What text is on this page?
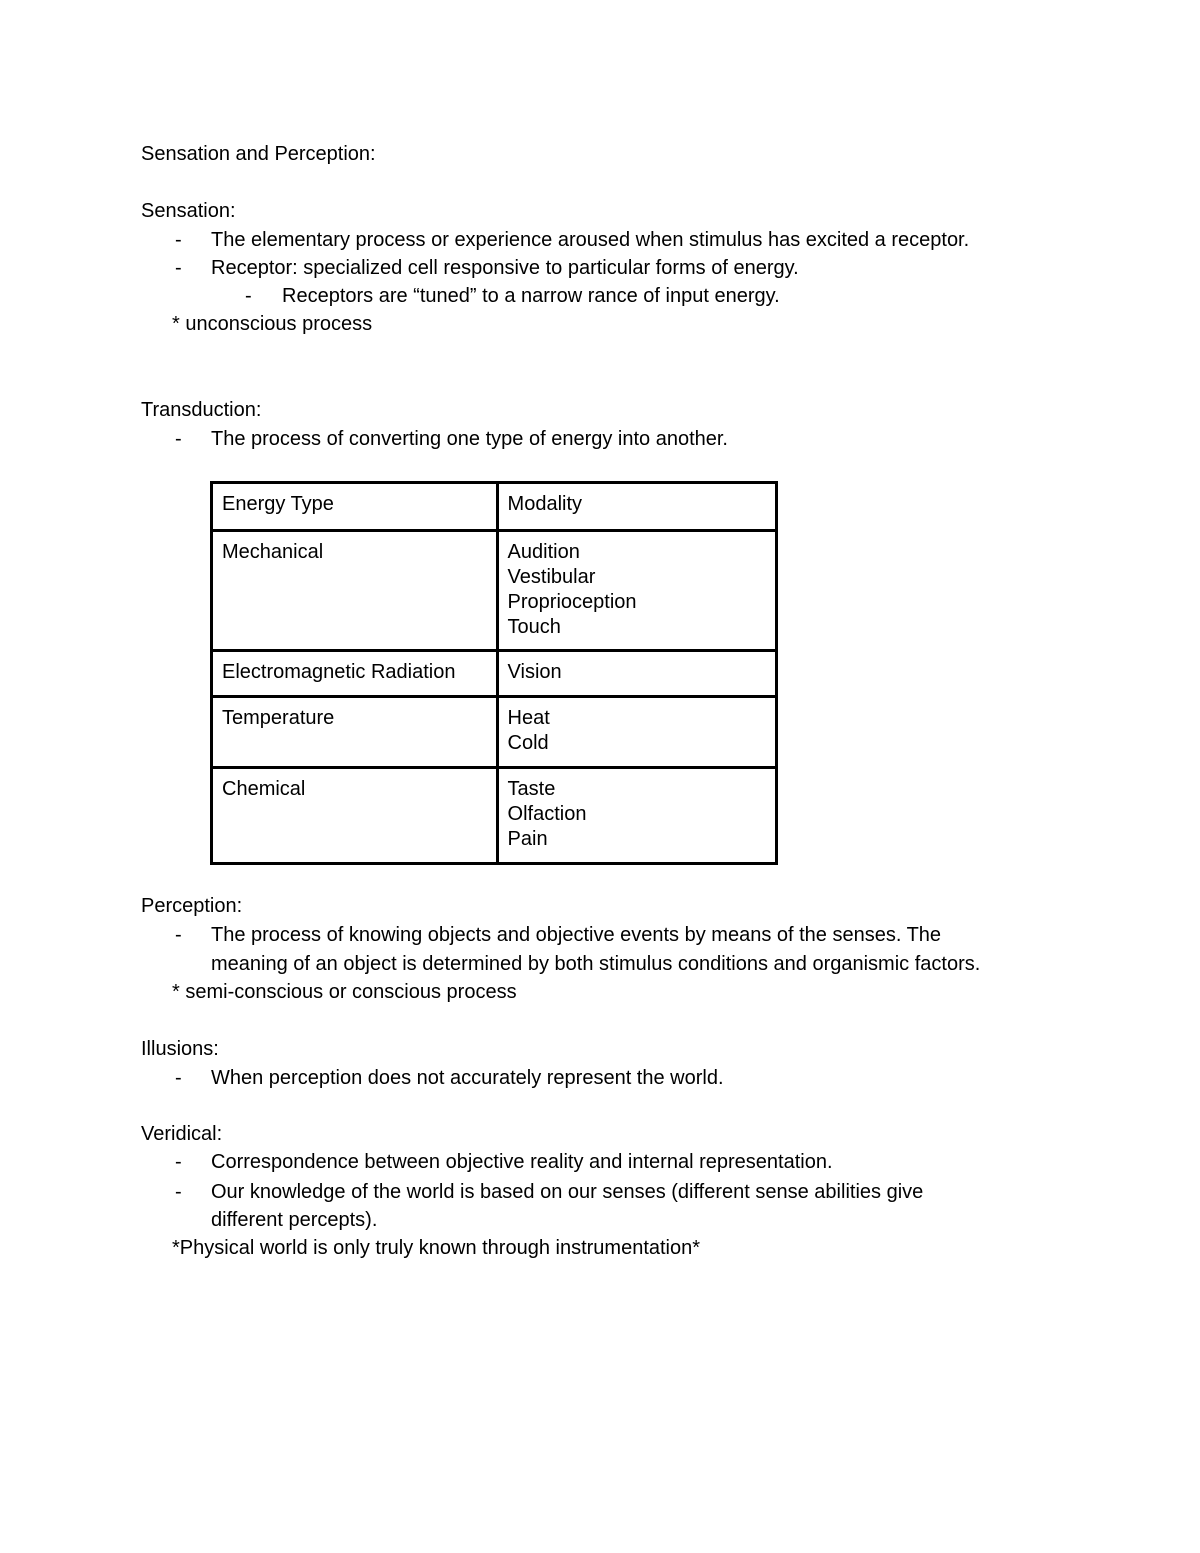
Sensation and Perception:
Sensation:
- The elementary process or experience aroused when stimulus has excited a receptor.
- Receptor: specialized cell responsive to particular forms of energy.
- Receptors are “tuned” to a narrow rance of input energy.
* unconscious process
Transduction:
- The process of converting one type of energy into another.
Energy Type	Modality
Mechanical	Audition
Vestibular
Proprioception
Touch

Electromagnetic Radiation	Vision

Temperature	Heat
Cold

Chemical	Taste
Olfaction
Pain
Perception:
- The process of knowing objects and objective events by means of the senses. The
meaning of an object is determined by both stimulus conditions and organismic factors.
* semi-conscious or conscious process
Illusions:
- When perception does not accurately represent the world.
Veridical:
- Correspondence between objective reality and internal representation.
- Our knowledge of the world is based on our senses (different sense abilities give
different percepts).
*Physical world is only truly known through instrumentation*
